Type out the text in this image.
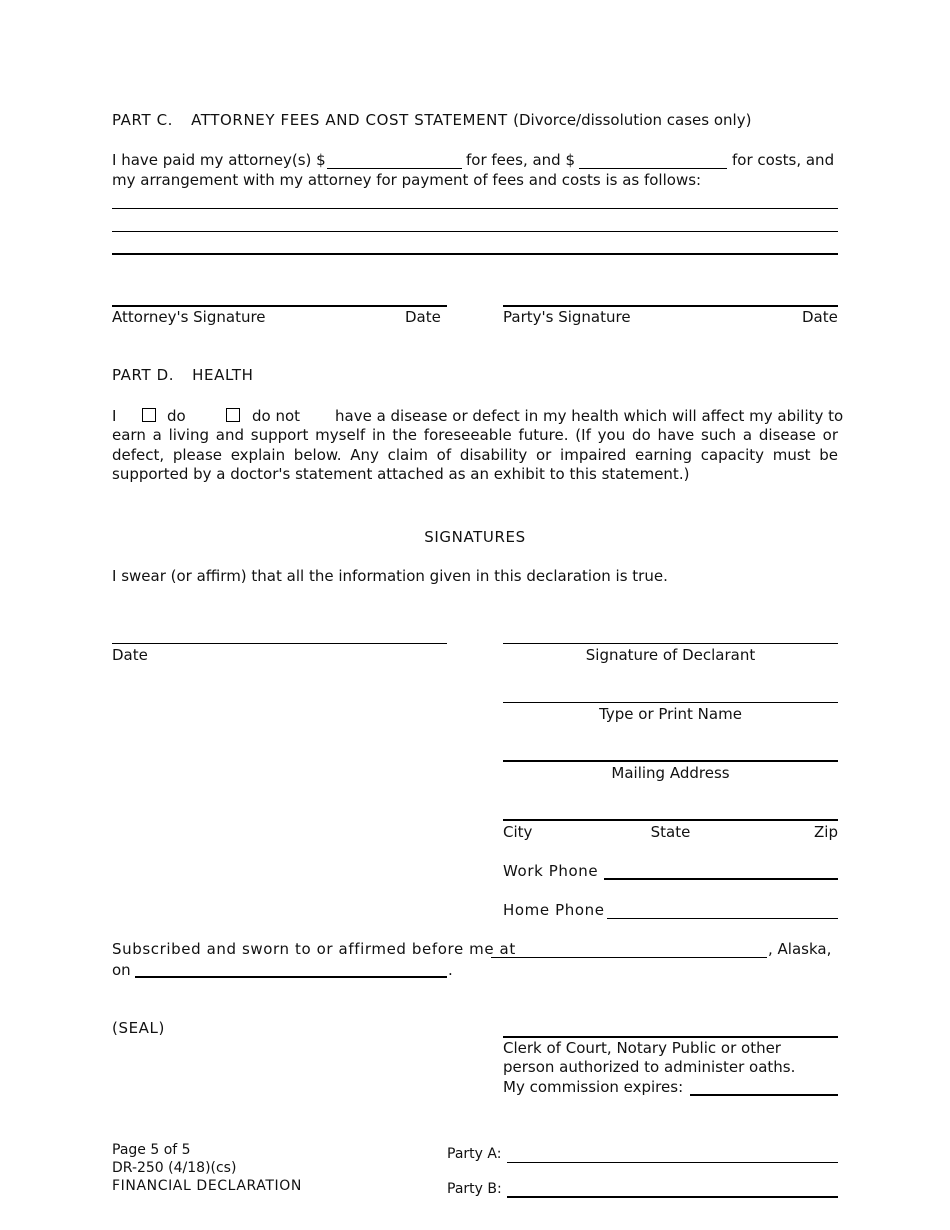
PART C. ATTORNEY FEES AND COST STATEMENT (Divorce/dissolution cases only)
I have paid my attorney(s) $	for fees, and $	for costs, and
my arrangement with my attorney for payment of fees and costs is as follows:
Attorney's Signature	Date	Party's Signature	Date
PART D. HEALTH
I	do	do not have a disease or defect in my health which will affect my ability to
earn a living and support myself in the foreseeable future. (If you do have such a disease or defect, please explain below. Any claim of disability or impaired earning capacity must be supported by a doctor's statement attached as an exhibit to this statement.)
SIGNATURES
I swear (or affirm) that all the information given in this declaration is true.
Date	Signature of Declarant
Type or Print Name
Mailing Address
City	State	Zip
Work Phone
Home Phone
Subscribed and sworn to or affirmed before me at	, Alaska,
on	.
(SEAL)
Clerk of Court, Notary Public or other
person authorized to administer oaths.
My commission expires:
Page 5 of 5
DR-250 (4/18)(cs)
FINANCIAL DECLARATION
Party A:
Party B:
